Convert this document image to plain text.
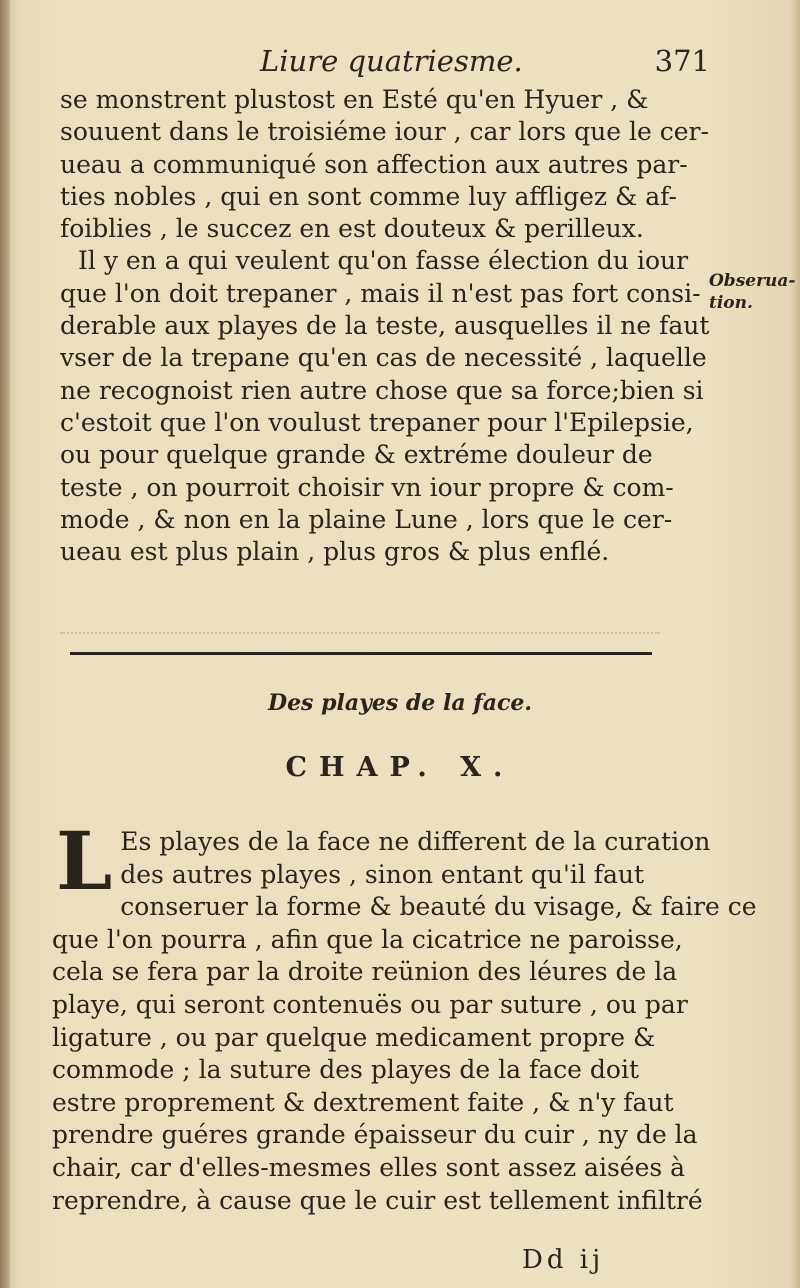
Liure quatriesme.	371

se monstrent plustost en Esté qu'en Hyuer , &
souuent dans le troisiéme iour , car lors que le cer-
ueau a communiqué son affection aux autres par-
ties nobles , qui en sont comme luy affligez & af-
foiblies , le succez en est douteux & perilleux.

Il y en a qui veulent qu'on fasse élection du iour
que l'on doit trepaner , mais il n'est pas fort consi-
derable aux playes de la teste, ausquelles il ne faut
vser de la trepane qu'en cas de necessité , laquelle
ne recognoist rien autre chose que sa force;bien si
c'estoit que l'on voulust trepaner pour l'Epilepsie,
ou pour quelque grande & extréme douleur de
teste , on pourroit choisir vn iour propre & com-
mode , & non en la plaine Lune , lors que le cer-
ueau est plus plain , plus gros & plus enflé.

Obserua-tion.
Des playes de la face.
CHAP. X.
L Es playes de la face ne different de la curation
des autres playes , sinon entant qu'il faut
conseruer la forme & beauté du visage, & faire ce
que l'on pourra , afin que la cicatrice ne paroisse,
cela se fera par la droite reünion des léures de la
playe, qui seront contenuës ou par suture , ou par
ligature , ou par quelque medicament propre &
commode ; la suture des playes de la face doit
estre proprement & dextrement faite , & n'y faut
prendre guéres grande épaisseur du cuir , ny de la
chair, car d'elles-mesmes elles sont assez aisées à
reprendre, à cause que le cuir est tellement infiltré
Dd ij
